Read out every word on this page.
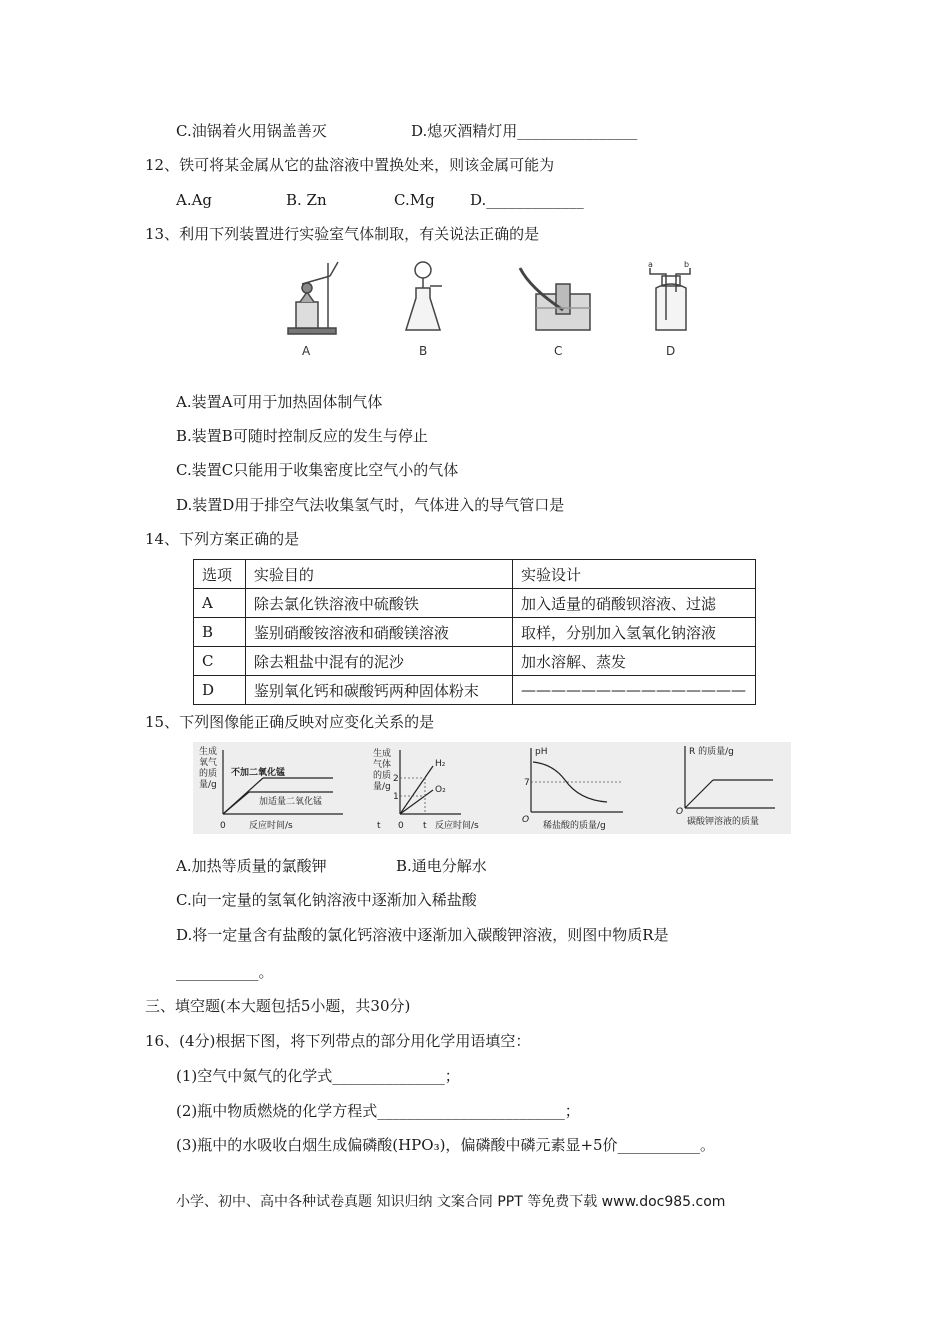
C.油锅着火用锅盖善灭	D.熄灭酒精灯用________________
12、铁可将某金属从它的盐溶液中置换处来，则该金属可能为
A.Ag	B. Zn	C.Mg D._____________
13、利用下列装置进行实验室气体制取，有关说法正确的是
a	b
A	B	C	D
A.装置A可用于加热固体制气体
B.装置B可随时控制反应的发生与停止
C.装置C只能用于收集密度比空气小的气体
D.装置D用于排空气法收集氢气时，气体进入的导气管口是
14、下列方案正确的是
选项	实验目的	实验设计
A	除去氯化铁溶液中硫酸铁	加入适量的硝酸钡溶液、过滤
B	鉴别硝酸铵溶液和硝酸镁溶液	取样，分别加入氢氧化钠溶液
C	除去粗盐中混有的泥沙	加水溶解、蒸发
D	鉴别氧化钙和碳酸钙两种固体粉末	———————————————
15、下列图像能正确反映对应变化关系的是
生成
氧气
的质
量/g
不加二氧化锰
加适量二氧化锰
0	反应时间/s
生成
气体
的质
量/g
2
1
H₂
O₂
t 0 t 反应时间/s
pH
7
O
稀盐酸的质量/g
R 的质量/g
O
碳酸钾溶液的质量
A.加热等质量的氯酸钾	B.通电分解水
C.向一定量的氢氧化钠溶液中逐渐加入稀盐酸
D.将一定量含有盐酸的氯化钙溶液中逐渐加入碳酸钾溶液，则图中物质R是
___________。
三、填空题(本大题包括5小题，共30分)
16、(4分)根据下图，将下列带点的部分用化学用语填空：
(1)空气中氮气的化学式_______________；
(2)瓶中物质燃烧的化学方程式_________________________；
(3)瓶中的水吸收白烟生成偏磷酸(HPO₃)，偏磷酸中磷元素显+5价___________。
小学、初中、高中各种试卷真题 知识归纳 文案合同 PPT 等免费下载 www.doc985.com
